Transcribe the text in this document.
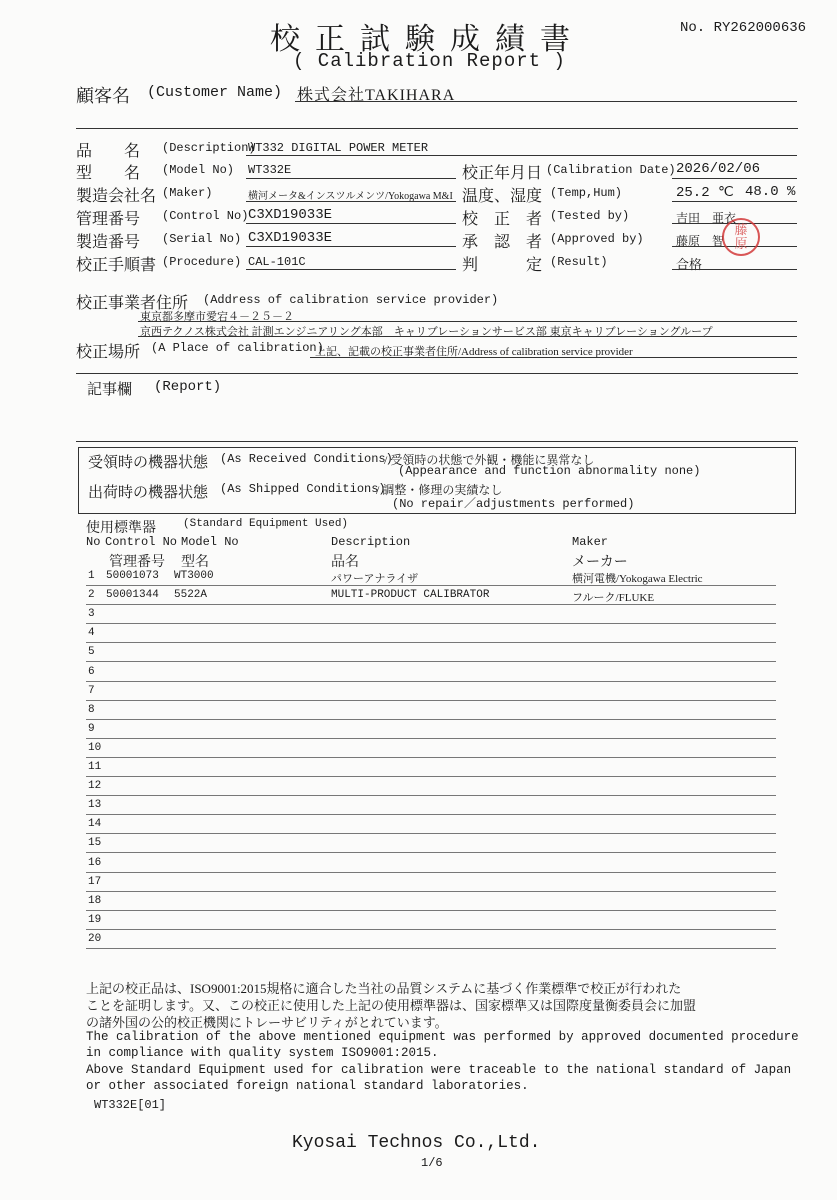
校正試験成績書
( Calibration Report )
No. RY262000636
顧客名 (Customer Name) 株式会社TAKIHARA
品　　名 (Description)
WT332 DIGITAL POWER METER
型　　名 (Model No) WT332E
製造会社名 (Maker)	横河メータ&インスツルメンツ/Yokogawa M&I
管理番号 (Control No) C3XD19033E
製造番号 (Serial No) C3XD19033E
校正手順書 (Procedure) CAL-101C
校正年月日 (Calibration Date) 2026/02/06
温度、湿度 (Temp,Hum)	25.2 ℃ 48.0 %
校　正　者 (Tested by)	吉田　亜衣
承　認　者 (Approved by)	藤原　智
判　　　定 (Result)	合格
藤
原
校正事業者住所 (Address of calibration service provider)
東京都多摩市愛宕４－２５－２
京西テクノス株式会社 計測エンジニアリング本部　キャリブレーションサービス部 東京キャリブレーショングループ
校正場所 (A Place of calibration)
上記、記載の校正事業者住所/Address of calibration service provider
記事欄 (Report)
受領時の機器状態 (As Received Conditions)
/ 受領時の状態で外観・機能に異常なし
(Appearance and function abnormality none)
出荷時の機器状態 (As Shipped Conditions)
/ 調整・修理の実績なし
(No repair／adjustments performed)
使用標準器 (Standard Equipment Used)
No Control No Model No	Description	Maker
管理番号 型名	品名	メーカー
1 50001073 WT3000	パワーアナライザ	横河電機/Yokogawa Electric
2 50001344 5522A	MULTI-PRODUCT CALIBRATOR	フルーク/FLUKE
3
4
5
6
7
8
9
10
11
12
13
14
15
16
17
18
19
20
上記の校正品は、ISO9001:2015規格に適合した当社の品質システムに基づく作業標準で校正が行われた
ことを証明します。又、この校正に使用した上記の使用標準器は、国家標準又は国際度量衡委員会に加盟
の諸外国の公的校正機関にトレーサビリティがとれています。
The calibration of the above mentioned equipment was performed by approved documented procedure
in compliance with quality system ISO9001:2015.
Above Standard Equipment used for calibration were traceable to the national standard of Japan
or other associated foreign national standard laboratories.
WT332E[01]
Kyosai Technos Co.,Ltd.
1/6
